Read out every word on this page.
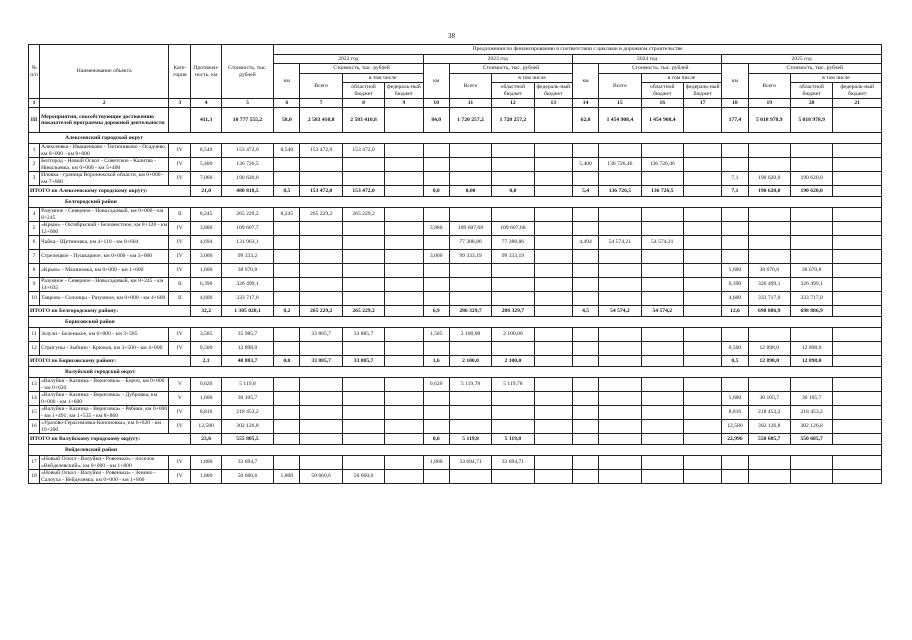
38
№ п/п	Наименование объекта	Кате-гория	Протяжен-ность, км	Стоимость, тыс. рублей	Предложения по финансированию в соответствии с циклами в дорожном строительстве															
					2022 год				2023 год				2024 год				2025 год			
					км	Стоимость, тыс. рублей			км	Стоимость, тыс. рублей			км	Стоимость, тыс. рублей			км	Стоимость, тыс. рублей		
						Всего	в том числе			Всего	в том числе			Всего	в том числе			Всего	в том числе	
							областной бюджет	федераль-ный бюджет			областной бюджет	федераль-ный бюджет			областной бюджет	федераль-ный бюджет			областной бюджет	федераль-ный бюджет
1	2	3	4	5	6	7	8	9	10	11	12	13	14	15	16	17	18	19	20	21
III	Мероприятия, способствующие достижению показателей программы дорожной деятельности		411,3	10 777 555,2	58,0	2 583 410,8	2 583 410,8		84,0	1 720 257,2	1 720 257,2		62,0	1 454 908,4	1 454 908,4		177,4	5 018 978,9	5 018 978,9	
Алексеевский городской округ																				
1	Алексеевка - Иващенково - Тютюниково - Осадчево, км 0+000 - км 8+600	IV	8,540	153 472,0	8,540	153 472,0	153 472,0													
2	Белгород - Новый Оскол - Советское - Калитва - Никольевка, км 0+000 - км 5+400	IV	5,400	136 726,5									5,400	136 726,46	136 726,46					
3	Иловка - граница Воронежской области, км 0+000 - км 7+060	IV	7,060	190 620,0													7,1	190 620,0	190 620,0	
ИТОГО по Алексеевскому городскому округу:			21,0	480 818,5	8,5	153 472,0	153 472,0		0,0	0,00	0,0		5,4	136 726,5	136 726,5		7,1	190 620,0	190 620,0	
Белгородский район																				
4	Разумное - Северное - Новосадовый, км 0+000 - км 8+245	II	8,245	265 229,2	8,245	265 229,2	265 229,2													
5	«Крым» - Октябрьский - Беломестное, км 8+120 - км 12+000	IV	3,880	109 607,7					3,880	109 607,68	109 607,68									
6	Чайка - Щетиновка, км 4+110 - км 8+604	IV	4,694	131 963,1						77 388,86	77 388,86		4,494	54 574,21	54 574,21					
7	Стрелецкое - Пушкарное, км 0+000 - км 3+000	IV	3,000	99 333,2					3,000	99 333,19	99 333,19									
8	«Крым» - Малиновка, км 0+000 - км 1+600	IV	1,600	38 670,8													1,600	38 670,8	38 670,8	
9	Разумное - Северное - Новосадовый, км 8+245 - км 14+635	II	6,390	326 499,1													6,390	326 499,1	326 499,1	
10	Таврово - Солонцы - Разумное, км 0+000 - км 4+600	II	4,600	333 717,0													4,600	333 717,0	333 717,0	
ИТОГО по Белгородскому району:			32,2	1 305 020,1	8,2	265 229,2	265 229,2		6,9	286 329,7	286 329,7		4,5	54 574,2	54 574,2		12,6	698 886,9	698 886,9	
Борисовский район																				
11	Зозули - Беленькое, км 0+000 - км 3+585	IV	3,585	35 985,7		33 885,7	33 885,7		1,585	2 100,00	2 100,00									
12	Стригуны - Зыбино - Крюков, км 3+500 - км 4+000	IV	0,500	12 898,0													0,500	12 898,0	12 898,0	
ИТОГО по Борисовскому району:			2,1	48 883,7	0,0	33 885,7	33 885,7		1,6	2 100,0	2 100,0						0,5	12 898,0	12 898,0	
Валуйский городской округ																				
13	«Валуйки - Казинка - Вериговка» - Борчч, км 0+000 - км 0+620	V	0,620	5 119,8					0,620	5 119,78	5 119,78									
14	«Валуйки - Казинка - Вериговка» - Дубровка, км 0+000 - км 1+600	V	1,600	30 105,7													1,600	30 105,7	30 105,7	
15	«Валуйки - Казинка - Вериговка» - Рябики, км 0+000 - км 1+491; км 1+535 - км 8+860	IV	8,816	218 453,2													8,816	218 453,2	218 453,2	
16	«Уразово-Герасимовка-Кононовка», км 6+620 - км 19+200	IV	12,580	302 126,8													12,580	302 126,8	302 126,8	
ИТОГО по Валуйскому городскому округу:			23,6	555 805,5					0,6	5 119,8	5 119,8						22,996	550 685,7	550 685,7	
Вейделевский район																				
17	«Новый Оскол - Валуйки - Ровеньки» - поселок «Вейделевский», км 0+000 - км 1+800	IV	1,800	33 694,7					1,800	33 694,71	33 694,71									
18	«Новый Оскол - Валуйки - Ровеньки» - Зенино - Салоуха - Вейделевка, км 0+000 - км 1+800	IV	1,800	50 660,6	1,800	50 660,6	50 660,6													
